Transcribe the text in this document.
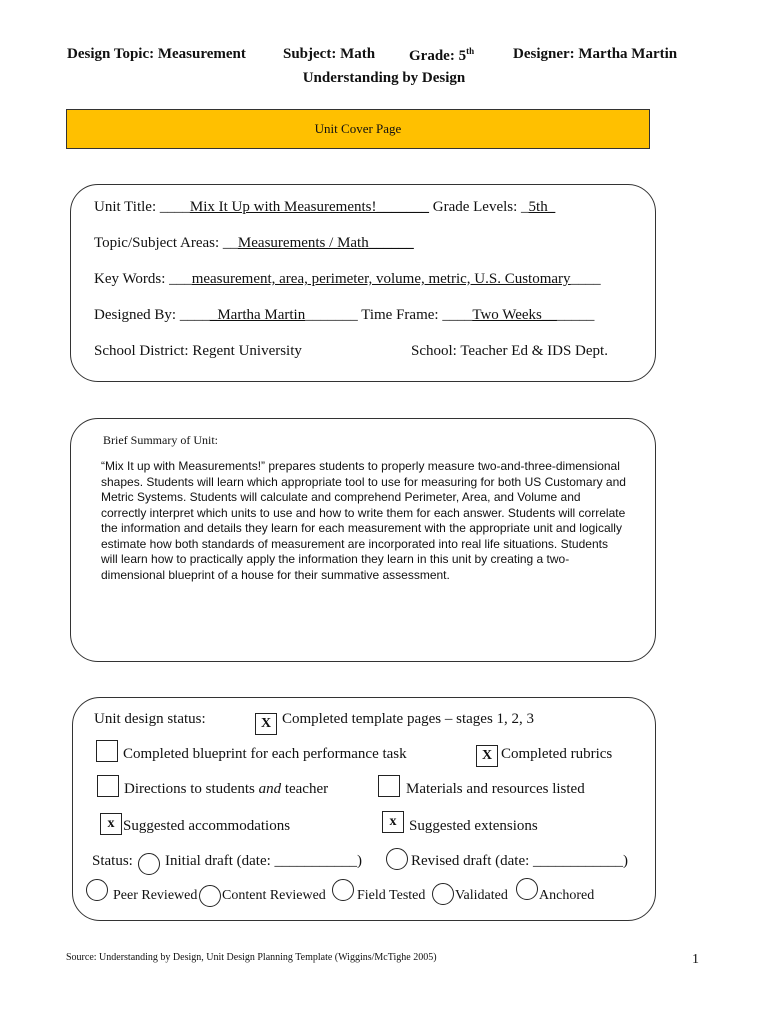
Design Topic: Measurement Subject: Math Grade: 5th	Designer: Martha Martin
Understanding by Design
Unit Cover Page
Unit Title: ____Mix It Up with Measurements!_______ Grade Levels: _5th_
Topic/Subject Areas: __Measurements / Math______
Key Words: ___measurement, area, perimeter, volume, metric, U.S. Customary____
Designed By: _____Martha Martin_______ Time Frame: ____Two Weeks_______
School District: Regent University	School: Teacher Ed & IDS Dept.
Brief Summary of Unit:
“Mix It up with Measurements!” prepares students to properly measure two-and-three-dimensional shapes. Students will learn which appropriate tool to use for measuring for both US Customary and Metric Systems. Students will calculate and comprehend Perimeter, Area, and Volume and correctly interpret which units to use and how to write them for each answer. Students will correlate the information and details they learn for each measurement with the appropriate unit and logically estimate how both standards of measurement are incorporated into real life situations. Students will learn how to practically apply the information they learn in this unit by creating a two-dimensional blueprint of a house for their summative assessment.
Unit design status:	X Completed template pages – stages 1, 2, 3
Completed blueprint for each performance task	X Completed rubrics
Directions to students and teacher	Materials and resources listed
x Suggested accommodations	x Suggested extensions
Status: Initial draft (date: ___________)	Revised draft (date: ____________)
Peer Reviewed Content Reviewed Field Tested Validated Anchored
Source: Understanding by Design, Unit Design Planning Template (Wiggins/McTighe 2005)	1
